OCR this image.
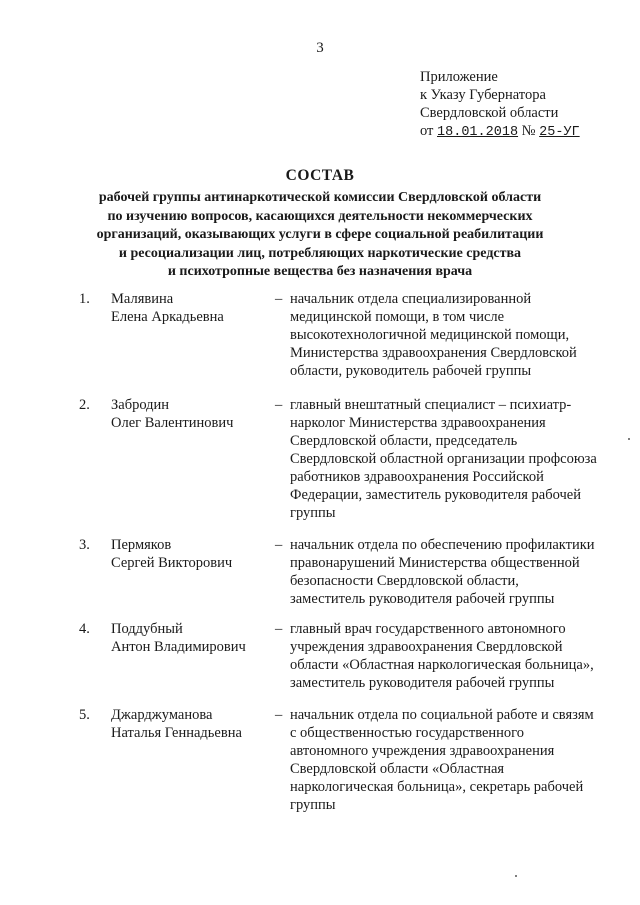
3
Приложение
к Указу Губернатора
Свердловской области
от 18.01.2018 № 25-УГ
СОСТАВ
рабочей группы антинаркотической комиссии Свердловской области
по изучению вопросов, касающихся деятельности некоммерческих
организаций, оказывающих услуги в сфере социальной реабилитации
и ресоциализации лиц, потребляющих наркотические средства
и психотропные вещества без назначения врача
1. Малявина
Елена Аркадьевна
– начальник отдела специализированной
медицинской помощи, в том числе
высокотехнологичной медицинской помощи,
Министерства здравоохранения Свердловской
области, руководитель рабочей группы
2. Забродин
Олег Валентинович
– главный внештатный специалист – психиатр-
нарколог Министерства здравоохранения
Свердловской области, председатель
Свердловской областной организации профсоюза
работников здравоохранения Российской
Федерации, заместитель руководителя рабочей
группы
3. Пермяков
Сергей Викторович
– начальник отдела по обеспечению профилактики
правонарушений Министерства общественной
безопасности Свердловской области,
заместитель руководителя рабочей группы
4. Поддубный
Антон Владимирович
– главный врач государственного автономного
учреждения здравоохранения Свердловской
области «Областная наркологическая больница»,
заместитель руководителя рабочей группы
5. Джарджуманова
Наталья Геннадьевна
– начальник отдела по социальной работе и связям
с общественностью государственного
автономного учреждения здравоохранения
Свердловской области «Областная
наркологическая больница», секретарь рабочей
группы
